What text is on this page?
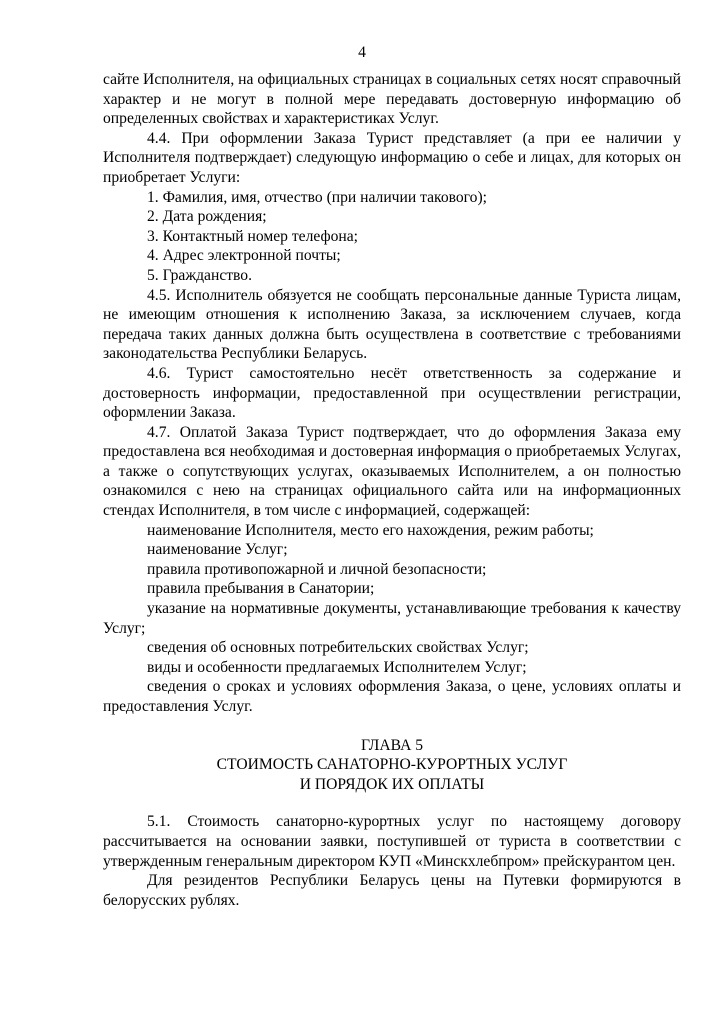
4

сайте Исполнителя, на официальных страницах в социальных сетях носят справочный характер и не могут в полной мере передавать достоверную информацию об определенных свойствах и характеристиках Услуг.

4.4. При оформлении Заказа Турист представляет (а при ее наличии у Исполнителя подтверждает) следующую информацию о себе и лицах, для которых он приобретает Услуги:

1. Фамилия, имя, отчество (при наличии такового);

2. Дата рождения;

3. Контактный номер телефона;

4. Адрес электронной почты;

5. Гражданство.

4.5. Исполнитель обязуется не сообщать персональные данные Туриста лицам, не имеющим отношения к исполнению Заказа, за исключением случаев, когда передача таких данных должна быть осуществлена в соответствие с требованиями законодательства Республики Беларусь.

4.6. Турист самостоятельно несёт ответственность за содержание и достоверность информации, предоставленной при осуществлении регистрации, оформлении Заказа.

4.7. Оплатой Заказа Турист подтверждает, что до оформления Заказа ему предоставлена вся необходимая и достоверная информация о приобретаемых Услугах, а также о сопутствующих услугах, оказываемых Исполнителем, а он полностью ознакомился с нею на страницах официального сайта или на информационных стендах Исполнителя, в том числе с информацией, содержащей:

наименование Исполнителя, место его нахождения, режим работы;

наименование Услуг;

правила противопожарной и личной безопасности;

правила пребывания в Санатории;

указание на нормативные документы, устанавливающие требования к качеству Услуг;

сведения об основных потребительских свойствах Услуг;

виды и особенности предлагаемых Исполнителем Услуг;

сведения о сроках и условиях оформления Заказа, о цене, условиях оплаты и предоставления Услуг.

ГЛАВА 5

СТОИМОСТЬ САНАТОРНО-КУРОРТНЫХ УСЛУГ

И ПОРЯДОК ИХ ОПЛАТЫ

5.1. Стоимость санаторно-курортных услуг по настоящему договору рассчитывается на основании заявки, поступившей от туриста в соответствии с утвержденным генеральным директором КУП «Минскхлебпром» прейскурантом цен.

Для резидентов Республики Беларусь цены на Путевки формируются в белорусских рублях.
